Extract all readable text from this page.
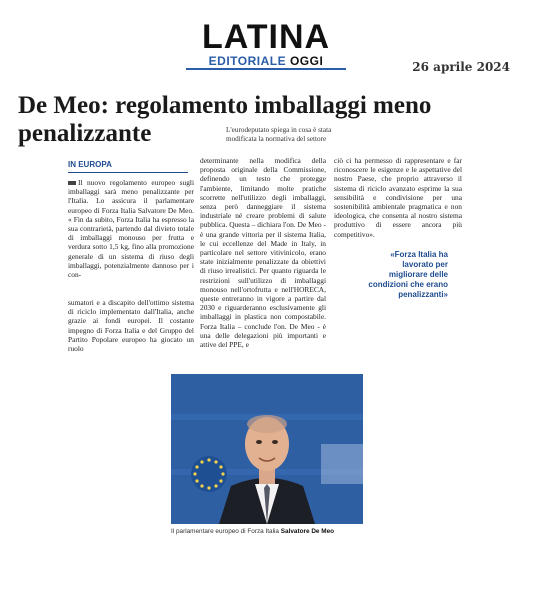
LATINA
EDITORIALE OGGI	26 aprile 2024
De Meo: regolamento imballaggi meno penalizzante	L'eurodeputato spiega in cosa è stata modificata la normativa del settore
IN EUROPA
Il nuovo regolamento europeo sugli imballaggi sarà meno penalizzante per l'Italia. Lo assicura il parlamentare europeo di Forza Italia Salvatore De Meo. « Fin da subito, Forza Italia ha espresso la sua contrarietà, partendo dal divieto totale di imballaggi monouso per frutta e verdura sotto 1,5 kg, fino alla promozione generale di un sistema di riuso degli imballaggi, potenzialmente dannoso per i con-
sumatori e a discapito dell'ottimo sistema di riciclo implementato dall'Italia, anche grazie ai fondi europei. Il costante impegno di Forza Italia e del Gruppo del Partito Popolare europeo ha giocato un ruolo
determinante nella modifica della proposta originale della Commissione, definendo un testo che protegge l'ambiente, limitando molte pratiche scorrette nell'utilizzo degli imballaggi, senza però danneggiare il sistema industriale né creare problemi di salute pubblica. Questa – dichiara l'on. De Meo - è una grande vittoria per il sistema Italia, le cui eccellenze del Made in Italy, in particolare nel settore vitivinicolo, erano state inizialmente penalizzate da obiettivi di riuso irrealistici. Per quanto riguarda le restrizioni sull'utilizzo di imballaggi monouso nell'ortofrutta e nell'HORECA, queste entreranno in vigore a partire dal 2030 e riguarderanno esclusivamente gli imballaggi in plastica non compostabile. Forza Italia – conclude l'on. De Meo - è una delle delegazioni più importanti e attive del PPE, e
ciò ci ha permesso di rappresentare e far riconoscere le esigenze e le aspettative del nostro Paese, che proprio attraverso il sistema di riciclo avanzato esprime la sua sensibilità e condivisione per una sostenibilità ambientale pragmatica e non ideologica, che consenta al nostro sistema produttivo di essere ancora più competitivo».
«Forza Italia ha lavorato per migliorare delle condizioni che erano penalizzanti»
Il parlamentare europeo di Forza Italia Salvatore De Meo
